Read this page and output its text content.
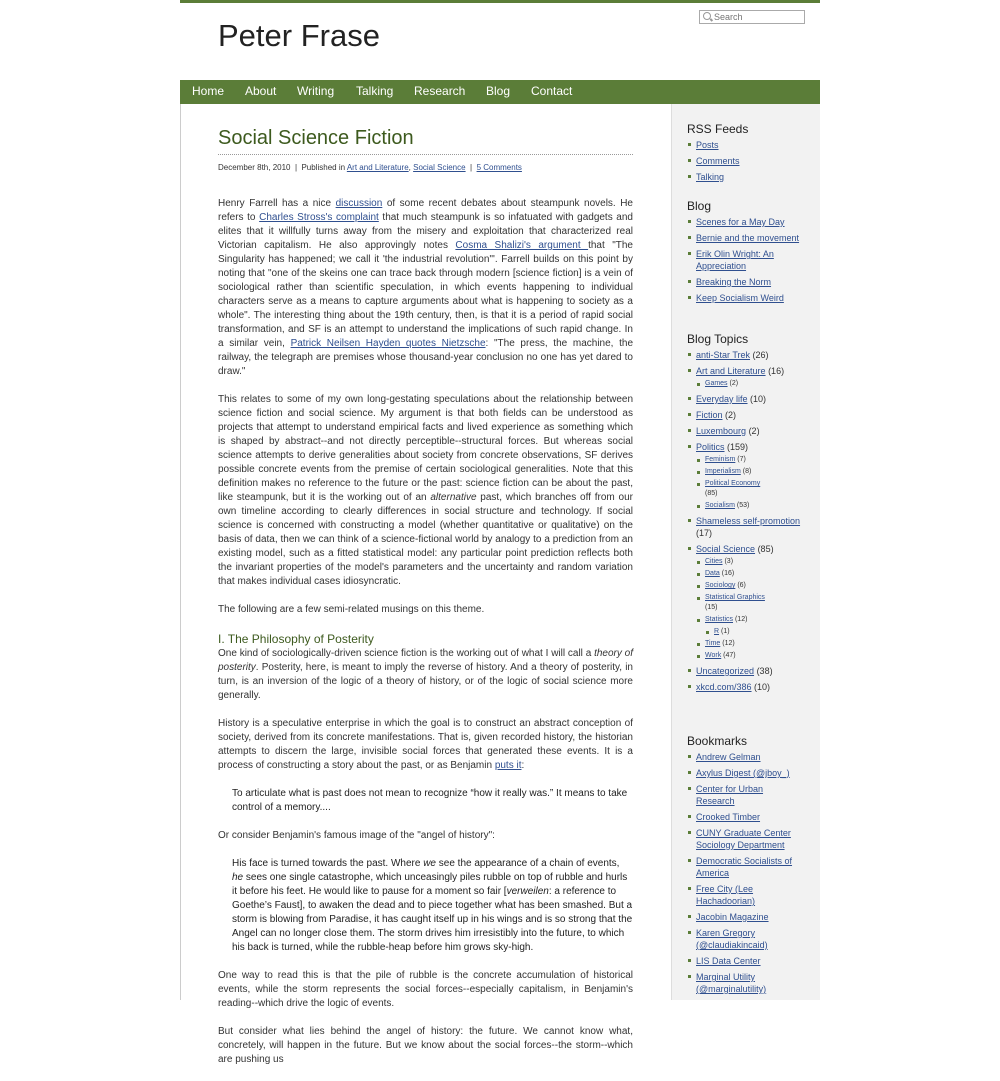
Search
Peter Frase
Home About Writing Talking Research Blog Contact
Social Science Fiction
December 8th, 2010  |  Published in Art and Literature, Social Science  |  5 Comments

Henry Farrell has a nice discussion of some recent debates about steampunk novels. He refers to Charles Stross's complaint that much steampunk is so infatuated with gadgets and elites that it willfully turns away from the misery and exploitation that characterized real Victorian capitalism. He also approvingly notes Cosma Shalizi's argument that "The Singularity has happened; we call it 'the industrial revolution'". Farrell builds on this point by noting that "one of the skeins one can trace back through modern [science fiction] is a vein of sociological rather than scientific speculation, in which events happening to individual characters serve as a means to capture arguments about what is happening to society as a whole". The interesting thing about the 19th century, then, is that it is a period of rapid social transformation, and SF is an attempt to understand the implications of such rapid change. In a similar vein, Patrick Neilsen Hayden quotes Nietzsche: "The press, the machine, the railway, the telegraph are premises whose thousand-year conclusion no one has yet dared to draw."

This relates to some of my own long-gestating speculations about the relationship between science fiction and social science. My argument is that both fields can be understood as projects that attempt to understand empirical facts and lived experience as something which is shaped by abstract--and not directly perceptible--structural forces. But whereas social science attempts to derive generalities about society from concrete observations, SF derives possible concrete events from the premise of certain sociological generalities. Note that this definition makes no reference to the future or the past: science fiction can be about the past, like steampunk, but it is the working out of an alternative past, which branches off from our own timeline according to clearly differences in social structure and technology. If social science is concerned with constructing a model (whether quantitative or qualitative) on the basis of data, then we can think of a science-fictional world by analogy to a prediction from an existing model, such as a fitted statistical model: any particular point prediction reflects both the invariant properties of the model's parameters and the uncertainty and random variation that makes individual cases idiosyncratic.

The following are a few semi-related musings on this theme.

I. The Philosophy of Posterity

One kind of sociologically-driven science fiction is the working out of what I will call a theory of posterity. Posterity, here, is meant to imply the reverse of history. And a theory of posterity, in turn, is an inversion of the logic of a theory of history, or of the logic of social science more generally.

History is a speculative enterprise in which the goal is to construct an abstract conception of society, derived from its concrete manifestations. That is, given recorded history, the historian attempts to discern the large, invisible social forces that generated these events. It is a process of constructing a story about the past, or as Benjamin puts it:

To articulate what is past does not mean to recognize “how it really was.” It means to take control of a memory....

Or consider Benjamin's famous image of the "angel of history":

His face is turned towards the past. Where we see the appearance of a chain of events, he sees one single catastrophe, which unceasingly piles rubble on top of rubble and hurls it before his feet. He would like to pause for a moment so fair [verweilen: a reference to Goethe’s Faust], to awaken the dead and to piece together what has been smashed. But a storm is blowing from Paradise, it has caught itself up in his wings and is so strong that the Angel can no longer close them. The storm drives him irresistibly into the future, to which his back is turned, while the rubble-heap before him grows sky-high.

One way to read this is that the pile of rubble is the concrete accumulation of historical events, while the storm represents the social forces--especially capitalism, in Benjamin's reading--which drive the logic of events.

But consider what lies behind the angel of history: the future. We cannot know what, concretely, will happen in the future. But we know about the social forces--the storm--which are pushing us

RSS Feeds
Posts
Comments
Talking
Blog
Scenes for a May Day
Bernie and the movement
Erik Olin Wright: An Appreciation
Breaking the Norm
Keep Socialism Weird
Blog Topics
anti-Star Trek (26)
Art and Literature (16)
Games (2)
Everyday life (10)
Fiction (2)
Luxembourg (2)
Politics (159)
Feminism (7)
Imperialism (8)
Political Economy
(85)
Socialism (53)
Shameless self-promotion (17)
Social Science (85)
Cities (3)
Data (16)
Sociology (6)
Statistical Graphics
(15)
Statistics (12)
R (1)
Time (12)
Work (47)
Uncategorized (38)
xkcd.com/386 (10)
Bookmarks
Andrew Gelman
Axylus Digest (@jboy_)
Center for Urban Research
Crooked Timber
CUNY Graduate Center Sociology Department
Democratic Socialists of America
Free City (Lee Hachadoorian)
Jacobin Magazine
Karen Gregory (@claudiakincaid)
LIS Data Center
Marginal Utility (@marginalutility)
